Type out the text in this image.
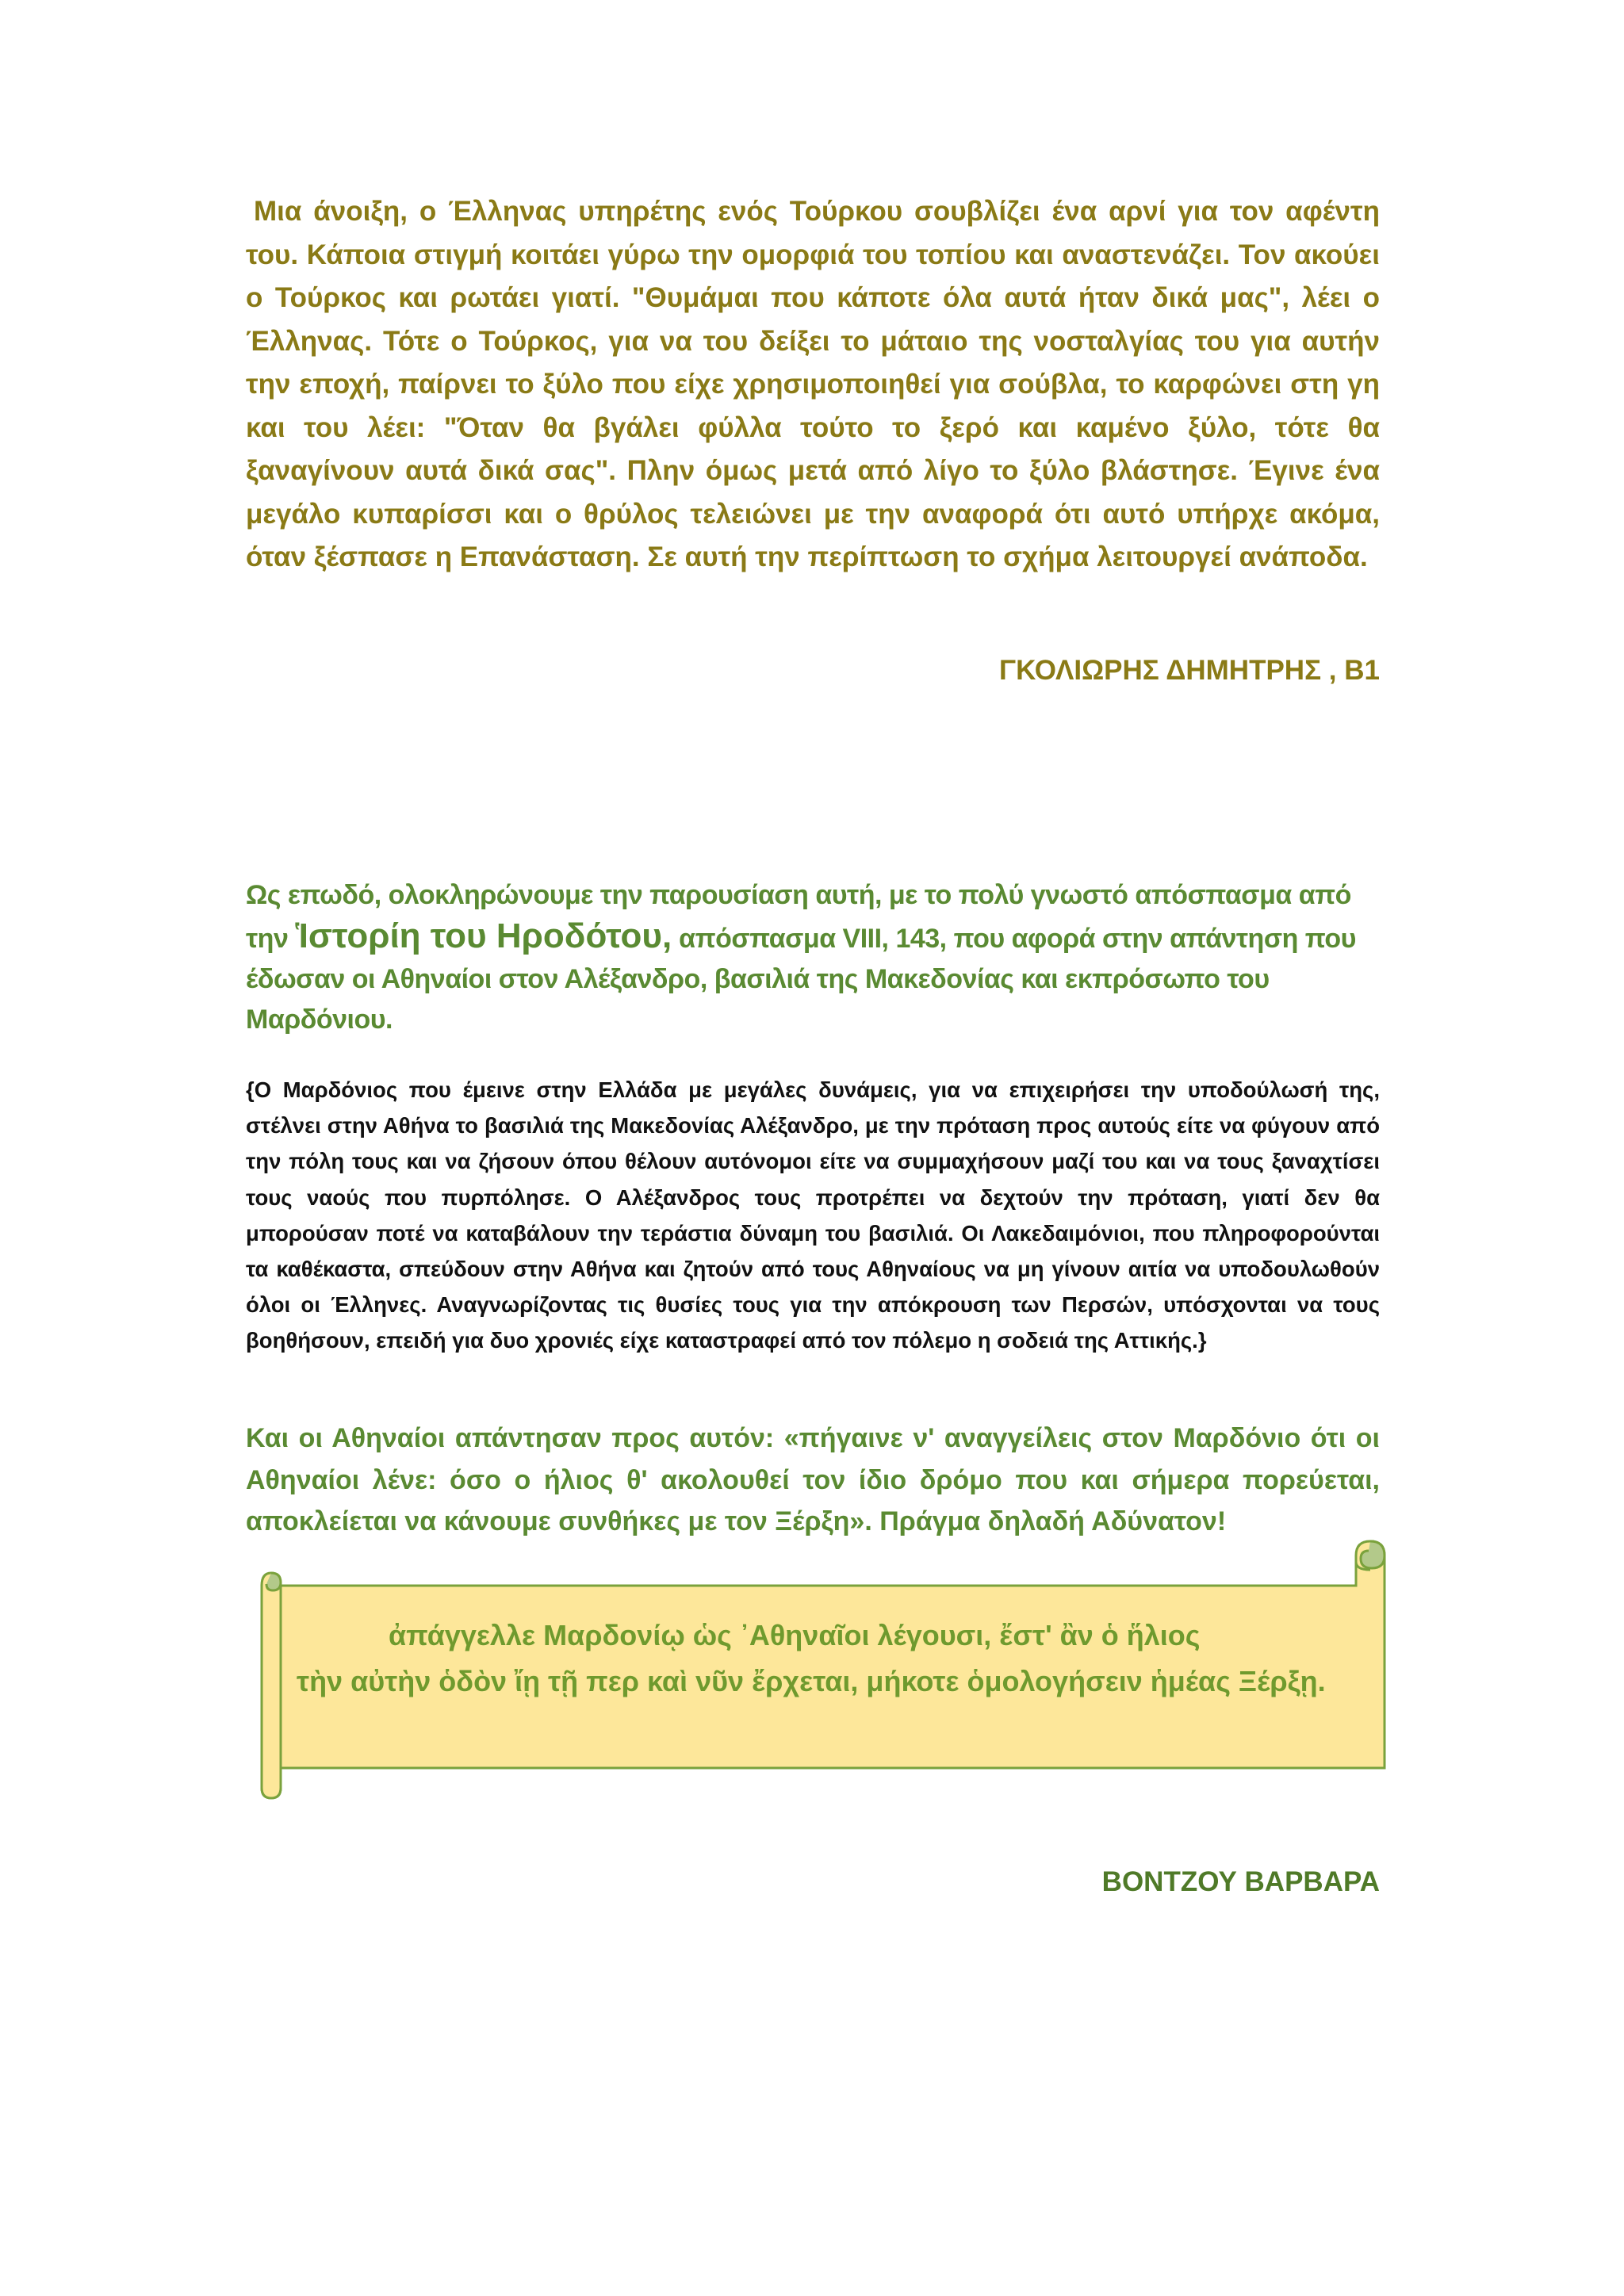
Μια άνοιξη, ο Έλληνας υπηρέτης ενός Τούρκου σουβλίζει ένα αρνί για τον αφέντη του. Κάποια στιγμή κοιτάει γύρω την ομορφιά του τοπίου και αναστενάζει. Τον ακούει ο Τούρκος και ρωτάει γιατί. "Θυμάμαι που κάποτε όλα αυτά ήταν δικά μας", λέει ο Έλληνας. Τότε ο Τούρκος, για να του δείξει το μάταιο της νοσταλγίας του για αυτήν την εποχή, παίρνει το ξύλο που είχε χρησιμοποιηθεί για σούβλα, το καρφώνει στη γη και του λέει: "Όταν θα βγάλει φύλλα τούτο το ξερό και καμένο ξύλο, τότε θα ξαναγίνουν αυτά δικά σας". Πλην όμως μετά από λίγο το ξύλο βλάστησε. Έγινε ένα μεγάλο κυπαρίσσι και ο θρύλος τελειώνει με την αναφορά ότι αυτό υπήρχε ακόμα, όταν ξέσπασε η Επανάσταση. Σε αυτή την περίπτωση το σχήμα λειτουργεί ανάποδα.

ΓΚΟΛΙΩΡΗΣ ΔΗΜΗΤΡΗΣ , Β1

Ως επωδό, ολοκληρώνουμε την παρουσίαση αυτή, με το πολύ γνωστό απόσπασμα από την Ἱστορίη του Ηροδότου, απόσπασμα VIII, 143, που αφορά στην απάντηση που έδωσαν οι Αθηναίοι στον Αλέξανδρο, βασιλιά της Μακεδονίας και εκπρόσωπο του Μαρδόνιου.

{Ο Μαρδόνιος που έμεινε στην Ελλάδα με μεγάλες δυνάμεις, για να επιχειρήσει την υποδούλωσή της, στέλνει στην Αθήνα το βασιλιά της Μακεδονίας Αλέξανδρο, με την πρόταση προς αυτούς είτε να φύγουν από την πόλη τους και να ζήσουν όπου θέλουν αυτόνομοι είτε να συμμαχήσουν μαζί του και να τους ξαναχτίσει τους ναούς που πυρπόλησε. Ο Αλέξανδρος τους προτρέπει να δεχτούν την πρόταση, γιατί δεν θα μπορούσαν ποτέ να καταβάλουν την τεράστια δύναμη του βασιλιά. Οι Λακεδαιμόνιοι, που πληροφορούνται τα καθέκαστα, σπεύδουν στην Αθήνα και ζητούν από τους Αθηναίους να μη γίνουν αιτία να υποδουλωθούν όλοι οι Έλληνες. Αναγνωρίζοντας τις θυσίες τους για την απόκρουση των Περσών, υπόσχονται να τους βοηθήσουν, επειδή για δυο χρονιές είχε καταστραφεί από τον πόλεμο η σοδειά της Αττικής.}

Και οι Αθηναίοι απάντησαν προς αυτόν: «πήγαινε ν' αναγγείλεις στον Μαρδόνιο ότι οι Αθηναίοι λένε: όσο ο ήλιος θ' ακολουθεί τον ίδιο δρόμο που και σήμερα πορεύεται, αποκλείεται να κάνουμε συνθήκες με τον Ξέρξη». Πράγμα δηλαδή Αδύνατον!

ἀπάγγελλε Μαρδονίῳ ὡς ᾿Αθηναῖοι λέγουσι, ἔστ' ἂν ὁ ἥλιος
τὴν αὐτὴν ὁδὸν ἴῃ τῇ περ καὶ νῦν ἔρχεται, μήκοτε ὁμολογήσειν ἡμέας Ξέρξῃ.
ΒΟΝΤΖΟΥ ΒΑΡΒΑΡΑ
